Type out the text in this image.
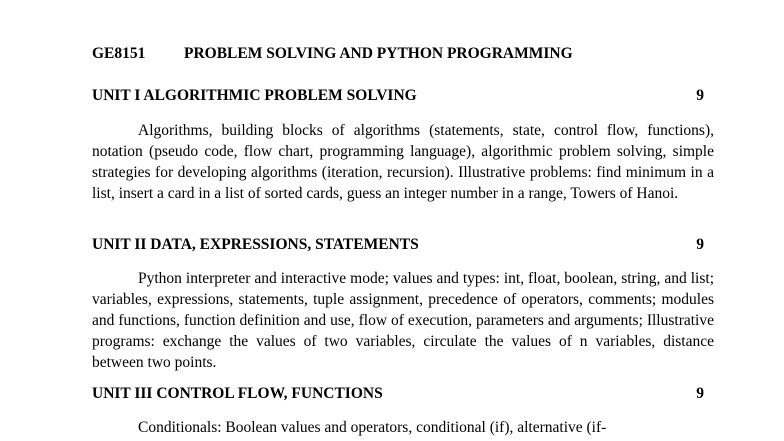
GE8151 PROBLEM SOLVING AND PYTHON PROGRAMMING
UNIT I ALGORITHMIC PROBLEM SOLVING	9

Algorithms, building blocks of algorithms (statements, state, control flow, functions), notation (pseudo code, flow chart, programming language), algorithmic problem solving, simple strategies for developing algorithms (iteration, recursion). Illustrative problems: find minimum in a list, insert a card in a list of sorted cards, guess an integer number in a range, Towers of Hanoi.

UNIT II DATA, EXPRESSIONS, STATEMENTS	9

Python interpreter and interactive mode; values and types: int, float, boolean, string, and list; variables, expressions, statements, tuple assignment, precedence of operators, comments; modules and functions, function definition and use, flow of execution, parameters and arguments; Illustrative programs: exchange the values of two variables, circulate the values of n variables, distance between two points.

UNIT III CONTROL FLOW, FUNCTIONS	9

Conditionals: Boolean values and operators, conditional (if), alternative (if-
